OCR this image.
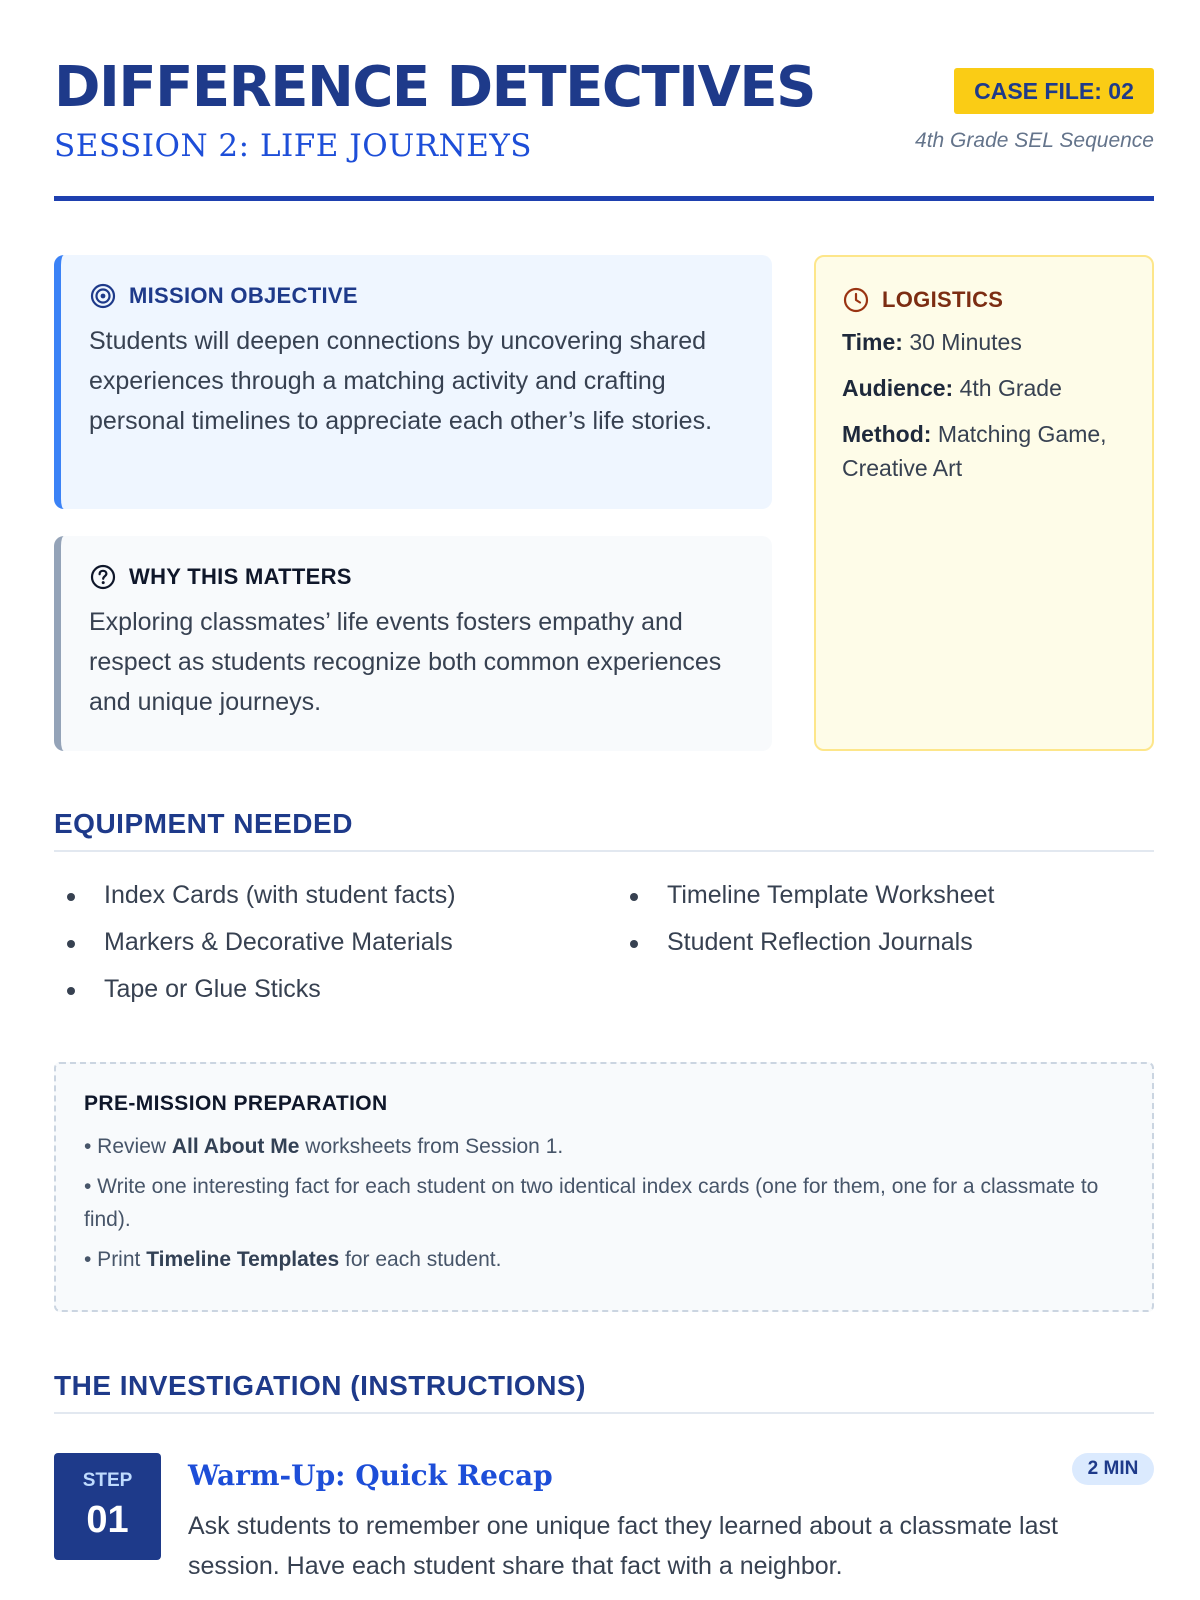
DIFFERENCE DETECTIVES
SESSION 2: LIFE JOURNEYS
CASE FILE: 02
4th Grade SEL Sequence
MISSION OBJECTIVE
Students will deepen connections by uncovering shared experiences through a matching activity and crafting personal timelines to appreciate each other’s life stories.
WHY THIS MATTERS
Exploring classmates’ life events fosters empathy and respect as students recognize both common experiences and unique journeys.
LOGISTICS
Time: 30 Minutes
Audience: 4th Grade
Method: Matching Game, Creative Art
EQUIPMENT NEEDED
Index Cards (with student facts)
Markers & Decorative Materials
Tape or Glue Sticks
Timeline Template Worksheet
Student Reflection Journals
PRE-MISSION PREPARATION
• Review All About Me worksheets from Session 1.
• Write one interesting fact for each student on two identical index cards (one for them, one for a classmate to find).
• Print Timeline Templates for each student.
THE INVESTIGATION (INSTRUCTIONS)
STEP
01
Warm-Up: Quick Recap	2 MIN
Ask students to remember one unique fact they learned about a classmate last session. Have each student share that fact with a neighbor.
